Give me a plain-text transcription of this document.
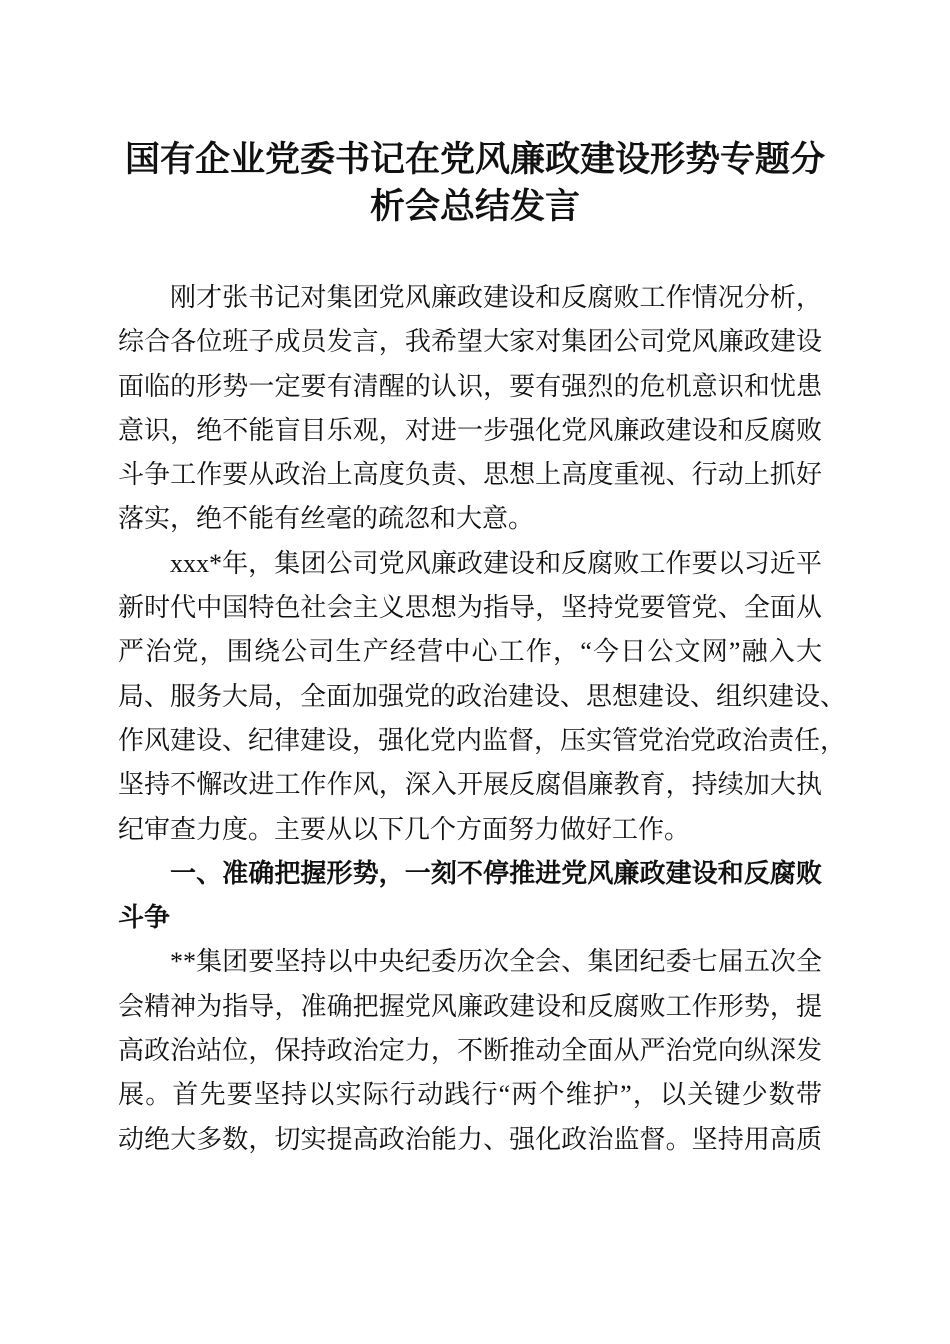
国有企业党委书记在党风廉政建设形势专题分
析会总结发言
刚才张书记对集团党风廉政建设和反腐败工作情况分析，
综合各位班子成员发言，我希望大家对集团公司党风廉政建设
面临的形势一定要有清醒的认识，要有强烈的危机意识和忧患
意识，绝不能盲目乐观，对进一步强化党风廉政建设和反腐败
斗争工作要从政治上高度负责、思想上高度重视、行动上抓好
落实，绝不能有丝毫的疏忽和大意。
xxx*年，集团公司党风廉政建设和反腐败工作要以习近平
新时代中国特色社会主义思想为指导，坚持党要管党、全面从
严治党，围绕公司生产经营中心工作，“今日公文网”融入大
局、服务大局，全面加强党的政治建设、思想建设、组织建设、
作风建设、纪律建设，强化党内监督，压实管党治党政治责任，
坚持不懈改进工作作风，深入开展反腐倡廉教育，持续加大执
纪审查力度。主要从以下几个方面努力做好工作。
一、准确把握形势，一刻不停推进党风廉政建设和反腐败
斗争
**集团要坚持以中央纪委历次全会、集团纪委七届五次全
会精神为指导，准确把握党风廉政建设和反腐败工作形势，提
高政治站位，保持政治定力，不断推动全面从严治党向纵深发
展。首先要坚持以实际行动践行“两个维护”，以关键少数带
动绝大多数，切实提高政治能力、强化政治监督。坚持用高质
